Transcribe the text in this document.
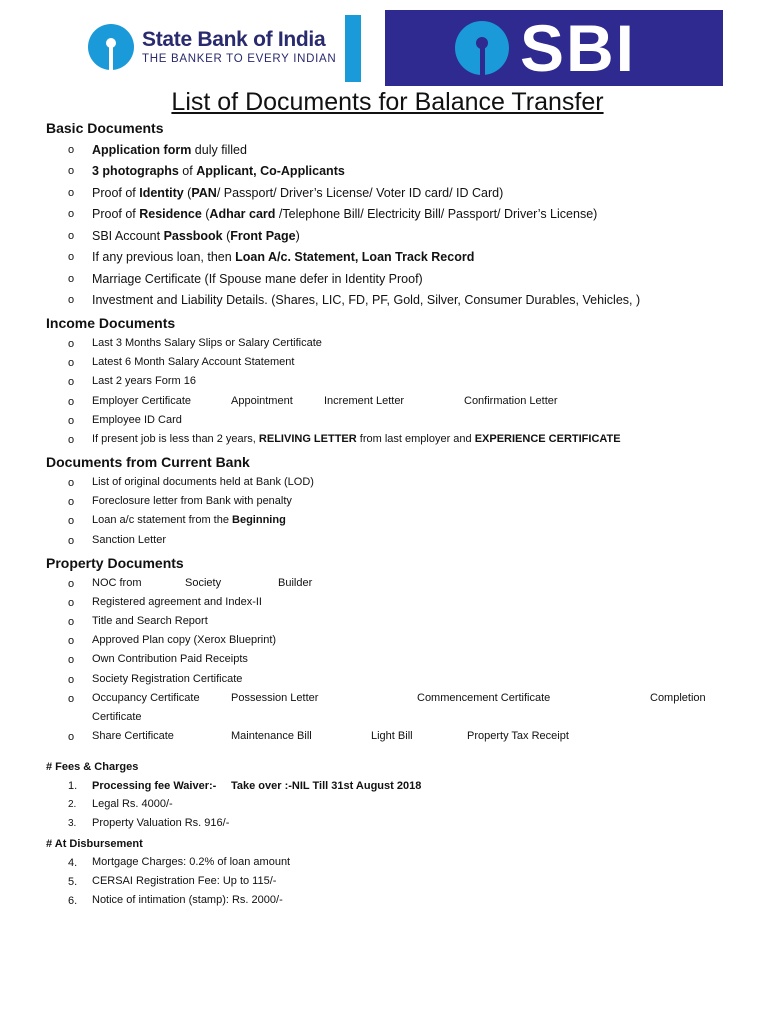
State Bank of India
THE BANKER TO EVERY INDIAN	SBI
List of Documents for Balance Transfer
Basic Documents
o Application form duly filled
o 3 photographs of Applicant, Co-Applicants
o Proof of Identity (PAN/ Passport/ Driver’s License/ Voter ID card/ ID Card)
o Proof of Residence (Adhar card /Telephone Bill/ Electricity Bill/ Passport/ Driver’s License)
o SBI Account Passbook (Front Page)
o If any previous loan, then Loan A/c. Statement, Loan Track Record
o Marriage Certificate (If Spouse mane defer in Identity Proof)
o Investment and Liability Details. (Shares, LIC, FD, PF, Gold, Silver, Consumer Durables, Vehicles, )
Income Documents
o Last 3 Months Salary Slips or Salary Certificate
o Latest 6 Month Salary Account Statement
o Last 2 years Form 16
o Employer Certificate	Appointment	Increment Letter	Confirmation Letter
o Employee ID Card
o If present job is less than 2 years, RELIVING LETTER from last employer and EXPERIENCE CERTIFICATE
Documents from Current Bank
o List of original documents held at Bank (LOD)
o Foreclosure letter from Bank with penalty
o Loan a/c statement from the Beginning
o Sanction Letter
Property Documents
o NOC from	Society	Builder
o Registered agreement and Index-II
o Title and Search Report
o Approved Plan copy (Xerox Blueprint)
o Own Contribution Paid Receipts
o Society Registration Certificate
o Occupancy Certificate	Possession Letter	Commencement Certificate	Completion
Certificate
o Share Certificate	Maintenance Bill	Light Bill	Property Tax Receipt
# Fees & Charges
1. Processing fee Waiver:- Take over :-NIL Till 31st August 2018
2. Legal Rs. 4000/-
3. Property Valuation Rs. 916/-
# At Disbursement
4. Mortgage Charges: 0.2% of loan amount
5. CERSAI Registration Fee: Up to 115/-
6. Notice of intimation (stamp): Rs. 2000/-
